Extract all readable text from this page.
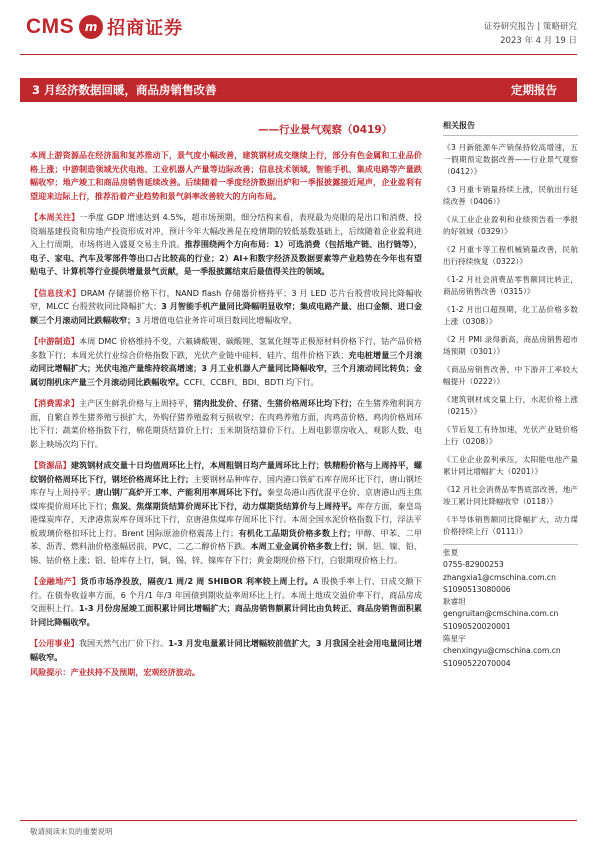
CMS m 招商证券	证券研究报告 | 策略研究
2023 年 4 月 19 日
3 月经济数据回暖，商品房销售改善	定期报告
——行业景气观察（0419）
本周上游资源品在经济温和复苏推动下，景气度小幅改善，建筑钢材成交继续上行，部分有色金属和工业品价格上涨；中游制造领域光伏电池、工业机器人产量等边际改善；信息技术领域，智能手机、集成电路等产量跌幅收窄；地产竣工和商品房销售延续改善。后续随着一季度经济数据出炉和一季报披露接近尾声，企业盈利有望迎来边际上行，推荐沿着产业趋势和景气斜率改善较大的方向布局。
【本周关注】一季度 GDP 增速达到 4.5%，超市场预期，细分结构来看，表现最为亮眼的是出口和消费，投资端基建投资和房地产投资形成对冲，预计今年大幅改善是在疫情期的较低基数基础上，后续随着企业盈利进入上行周期，市场将进入盛夏交易主升浪。推荐围绕两个方向布局：1）可选消费（包括地产链、出行链等），电子、家电、汽车及零部件等出口占比较高的行业；2）AI+和数字经济及数据要素等产业趋势在今年也有望贴电子、计算机等行业提供增量景气贡献，是一季报披露结束后最值得关注的领域。
【信息技术】DRAM 存储器价格下行，NAND flash 存储器价格持平；3 月 LED 芯片台股营收同比降幅收窄，MLCC 台股营收同比降幅扩大；3 月智能手机产量同比降幅明显收窄；集成电路产量、出口金额、进口金额三个月滚动同比跌幅收窄；3 月增值电信业务许可项目数同比增幅收窄。
【中游制造】本周 DMC 价格维持不变，六氟磷酸锂、碳酸锂、氢氧化锂等正极原材料价格下行，钴产品价格多数下行；本周光伏行业综合价格指数下跌，光伏产业链中硅料、硅片、组件价格下跌；充电桩增量三个月滚动同比增幅扩大；光伏电池产量维持较高增速；3 月工业机器人产量同比降幅收窄，三个月滚动同比转负；金属切削机床产量三个月滚动同比跌幅收窄。CCFI、CCBFI、BDI、BDTI 均下行。
【消费需求】主产区生鲜乳价格与上周持平，猪肉批发价、仔猪、生猪价格周环比均下行；在生猪养殖利润方面，自繁自养生猪养殖亏损扩大，外购仔猪养殖盈利亏损收窄；在肉鸡养殖方面，肉鸡苗价格、鸡肉价格周环比下行；蔬菜价格指数下行，棉花期货结算价上行；玉米期货结算价下行。上周电影票房收入、观影人数、电影上映场次均下行。
【资源品】建筑钢材成交量十日均值周环比上行，本周粗钢日均产量周环比上行；铁精粉价格与上周持平，螺纹钢价格周环比下行，钢坯价格周环比上行；主要钢材品种库存、国内港口铁矿石库存周环比下行，唐山钢坯库存与上周持平；唐山钢厂高炉开工率、产能利用率周环比下行。秦皇岛港山西优混平仓价、京唐港山西主焦煤库提价周环比下行；焦炭、焦煤期货结算价周环比下行，动力煤期货结算价与上周持平。库存方面，秦皇岛港煤炭库存、天津港焦炭库存周环比下行，京唐港焦煤库存周环比下行。本周全国水泥价格指数下行，浮法平板玻璃价格扣环比上行。Brent 国际原油价格震荡上行；有机化工品期货价格多数上行；甲醇、甲苯、二甲苯、沥青、燃料油价格涨幅居前，PVC、二乙二醇价格下跌。本周工业金属价格多数上行；铜、铝、镍、铅、锡、钴价格上涨；铝、铅库存上行，铜、锡、锌、镍库存下行；黄金期现价格下行，白银期现价格上行。
【金融地产】货币市场净投放，隔夜/1 周/2 周 SHIBOR 利率较上周上行。A 股换手率上行，日成交额下行。在债券收益率方面，6 个月/1 年/3 年国债到期收益率周环比上行。本周土地成交溢价率下行，商品房成交面积上行。1-3 月份房屋竣工面积累计同比增幅扩大；商品房销售额累计同比由负转正、商品房销售面积累计同比降幅收窄。
【公用事业】我国天然气出厂价下行。1-3 月发电量累计同比增幅较前值扩大，3 月我国全社会用电量同比增幅收窄。
风险提示：产业扶持不及预期，宏观经济波动。
相关报告
《3 月新能源车产销保持较高增速，五一假期预定数据改善——行业景气观察（0412）》
《3 月重卡销量持续上涨，民航出行延续改善（0406）》
《从工业企业盈利和业绩预告看一季报的好领域（0329）》
《2 月重卡等工程机械销量改善，民航出行持续恢复（0322）》
《1-2 月社会消费品零售额同比转正，商品房销售改善（0315）》
《1-2 月出口超预期，化工品价格多数上涨（0308）》
《2 月 PMI 录得新高，商品房销售超市场预期（0301）》
《商品房销售改善，中下游开工率较大幅提升（0222）》
《建筑钢材成交量上行，水泥价格上涨（0215）》
《节后复工有待加速，光伏产业链价格上行（0208）》
《工业企业盈利承压，太阳能电池产量累计同比增幅扩大（0201）》
《12 月社会消费品零售底部改善，地产竣工累计同比降幅收窄（0118）》
《半导体销售额同比降幅扩大，动力煤价格持续上行（0111）》
张夏
0755-82900253
zhangxia1@cmschina.com.cn
S1090513080006
耿睿坦
gengruitan@cmschina.com.cn
S1090520020001
陈星宇
chenxingyu@cmschina.com.cn
S1090522070004
敬请阅读末页的重要说明
